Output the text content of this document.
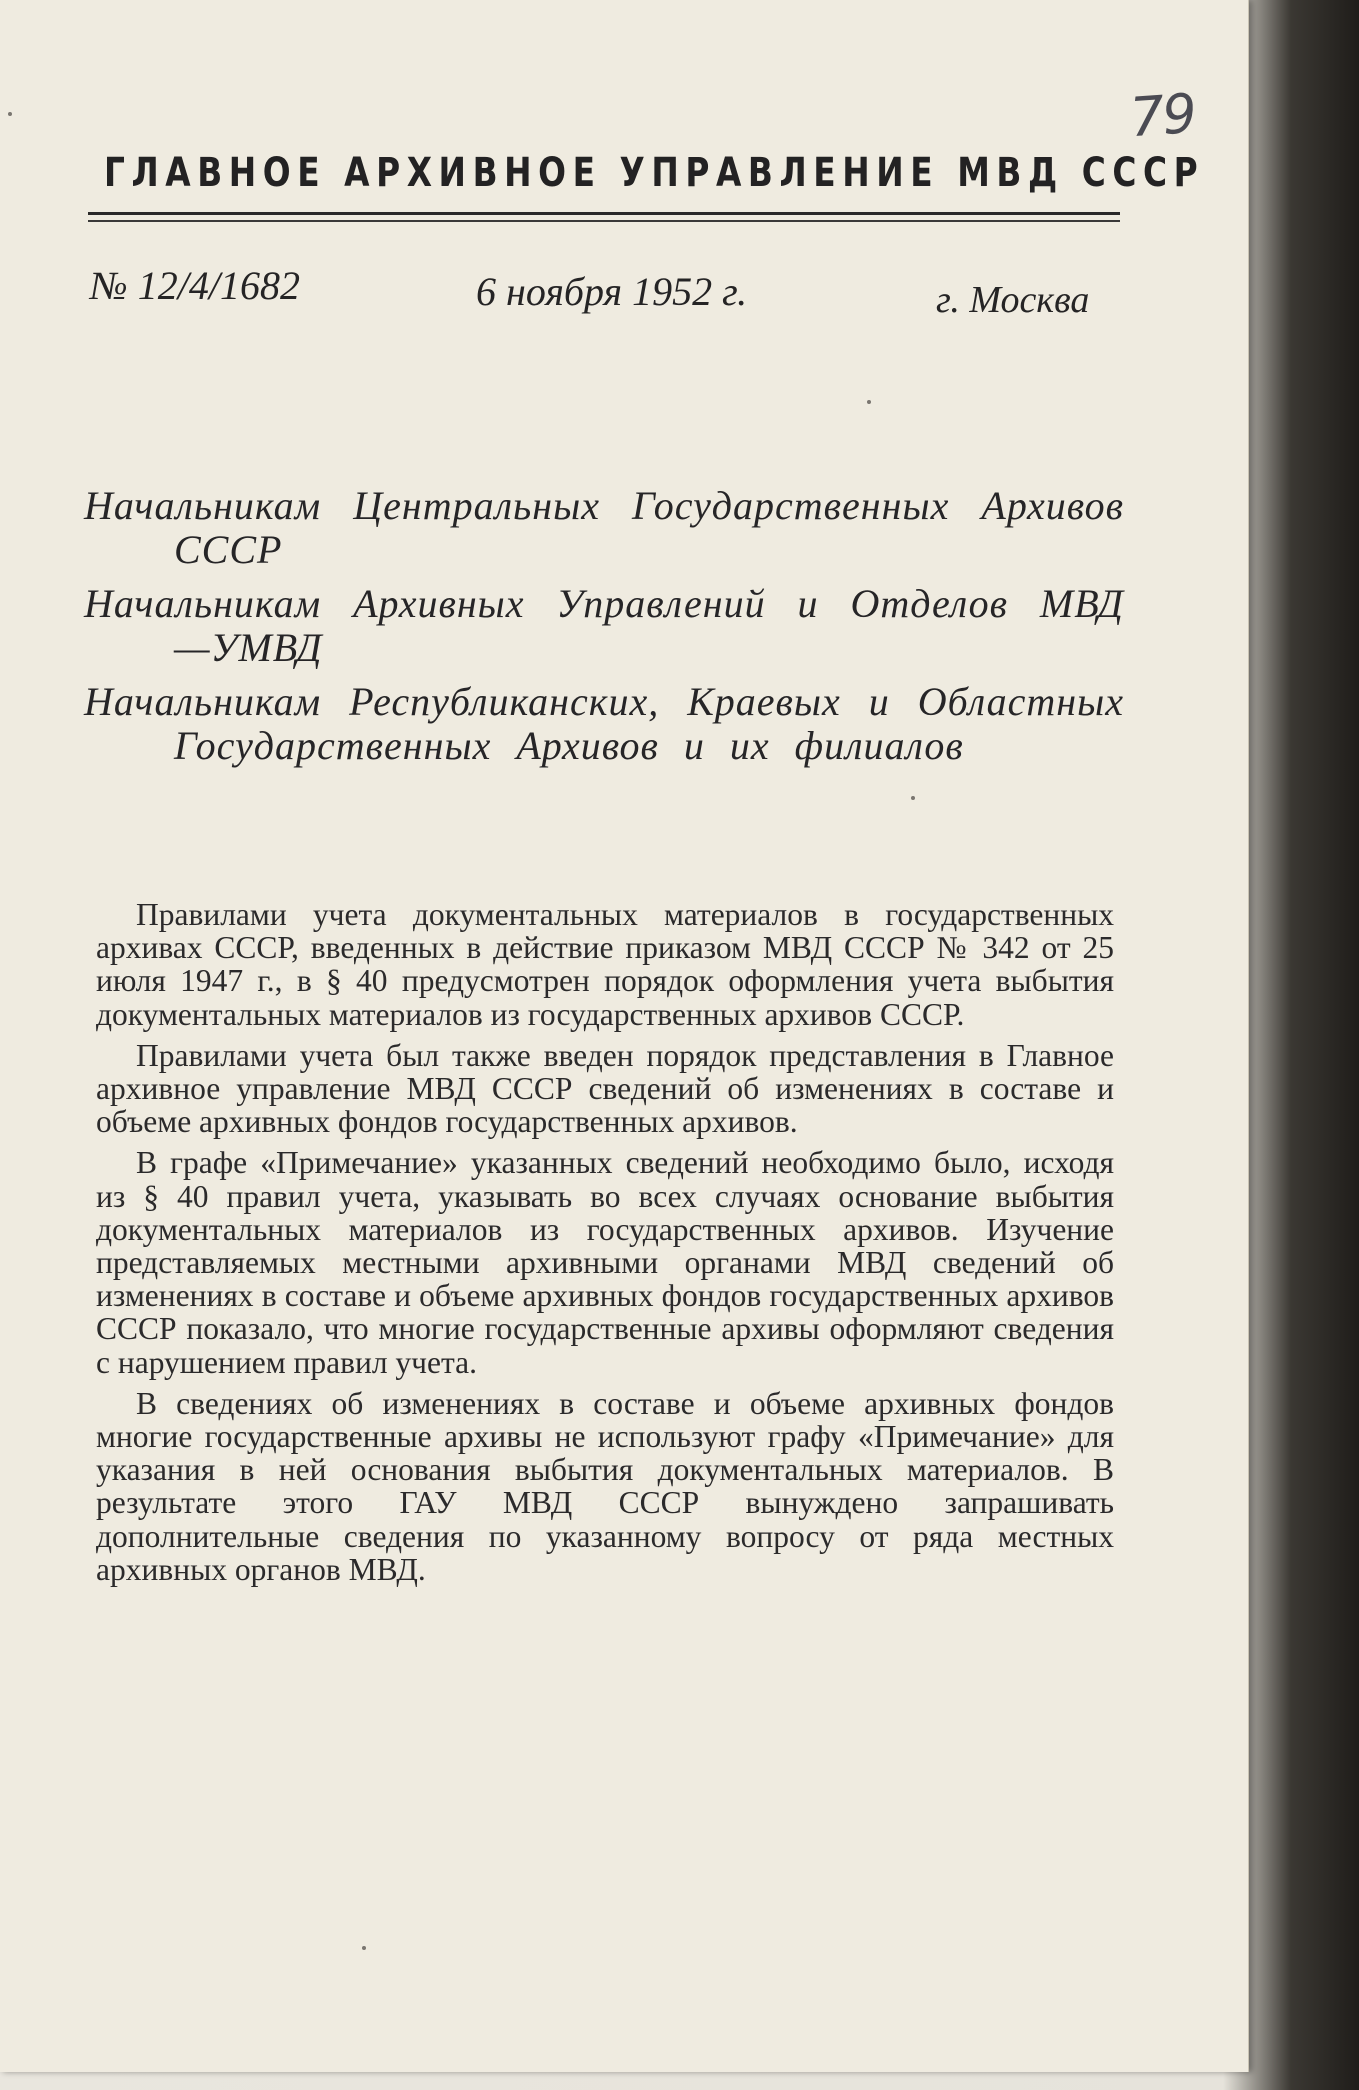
79
ГЛАВНОЕ АРХИВНОЕ УПРАВЛЕНИЕ МВД СССР
№ 12/4/1682	6 ноября 1952 г.	г. Москва

Начальникам Центральных Государственных Архивов СССР

Начальникам Архивных Управлений и Отделов МВД—УМВД

Начальникам Республиканских, Краевых и Областных Государственных Архивов и их филиалов

Правилами учета документальных материалов в государственных архивах СССР, введенных в действие приказом МВД СССР № 342 от 25 июля 1947 г., в § 40 предусмотрен порядок оформления учета выбытия документальных материалов из государственных архивов СССР.

Правилами учета был также введен порядок представления в Главное архивное управление МВД СССР сведений об изменениях в составе и объеме архивных фондов государственных архивов.

В графе «Примечание» указанных сведений необходимо было, исходя из § 40 правил учета, указывать во всех случаях основание выбытия документальных материалов из государственных архивов. Изучение представляемых местными архивными органами МВД сведений об изменениях в составе и объеме архивных фондов государственных архивов СССР показало, что многие государственные архивы оформляют сведения с нарушением правил учета.

В сведениях об изменениях в составе и объеме архивных фондов многие государственные архивы не используют графу «Примечание» для указания в ней основания выбытия документальных материалов. В результате этого ГАУ МВД СССР вынуждено запрашивать дополнительные сведения по указанному вопросу от ряда местных архивных органов МВД.
